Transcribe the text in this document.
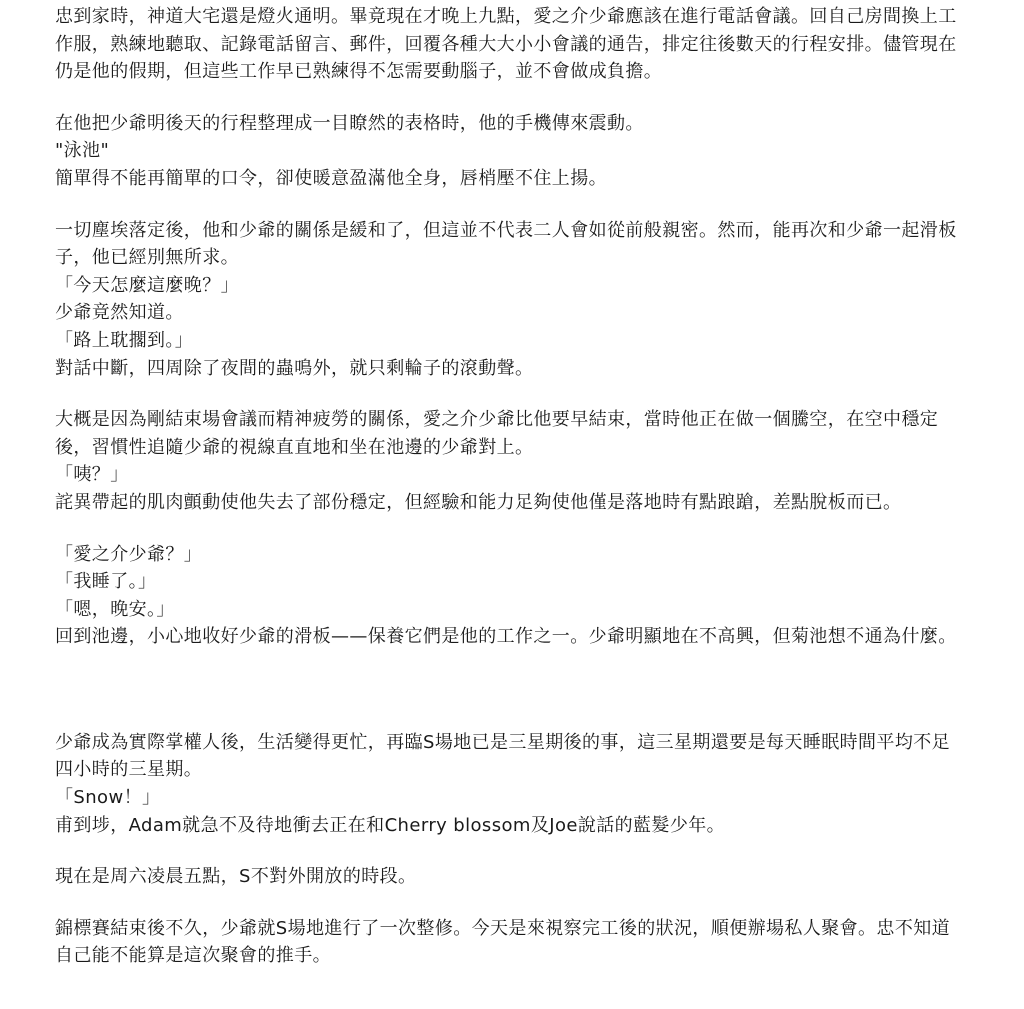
忠到家時，神道大宅還是燈火通明。畢竟現在才晚上九點，愛之介少爺應該在進行電話會議。回自己房間換上工作服，熟練地聽取、記錄電話留言、郵件，回覆各種大大小小會議的通告，排定往後數天的行程安排。儘管現在仍是他的假期，但這些工作早已熟練得不怎需要動腦子，並不會做成負擔。

在他把少爺明後天的行程整理成一目瞭然的表格時，他的手機傳來震動。

"泳池"

簡單得不能再簡單的口令，卻使暖意盈滿他全身，唇梢壓不住上揚。

一切塵埃落定後，他和少爺的關係是緩和了，但這並不代表二人會如從前般親密。然而，能再次和少爺一起滑板子，他已經別無所求。

「今天怎麼這麼晚？」

少爺竟然知道。

「路上耽擱到。」

對話中斷，四周除了夜間的蟲鳴外，就只剩輪子的滾動聲。

大概是因為剛結束場會議而精神疲勞的關係，愛之介少爺比他要早結束，當時他正在做一個騰空，在空中穩定後，習慣性追隨少爺的視線直直地和坐在池邊的少爺對上。

「咦？」

詫異帶起的肌肉顫動使他失去了部份穩定，但經驗和能力足夠使他僅是落地時有點踉蹌，差點脫板而已。

「愛之介少爺？」

「我睡了。」

「嗯，晚安。」

回到池邊，小心地收好少爺的滑板——保養它們是他的工作之一。少爺明顯地在不高興，但菊池想不通為什麼。

少爺成為實際掌權人後，生活變得更忙，再臨S場地已是三星期後的事，這三星期還要是每天睡眠時間平均不足四小時的三星期。

「Snow！」

甫到埗，Adam就急不及待地衝去正在和Cherry blossom及Joe說話的藍髮少年。

現在是周六凌晨五點，S不對外開放的時段。

錦標賽結束後不久，少爺就S場地進行了一次整修。今天是來視察完工後的狀況，順便辦場私人聚會。忠不知道自己能不能算是這次聚會的推手。
